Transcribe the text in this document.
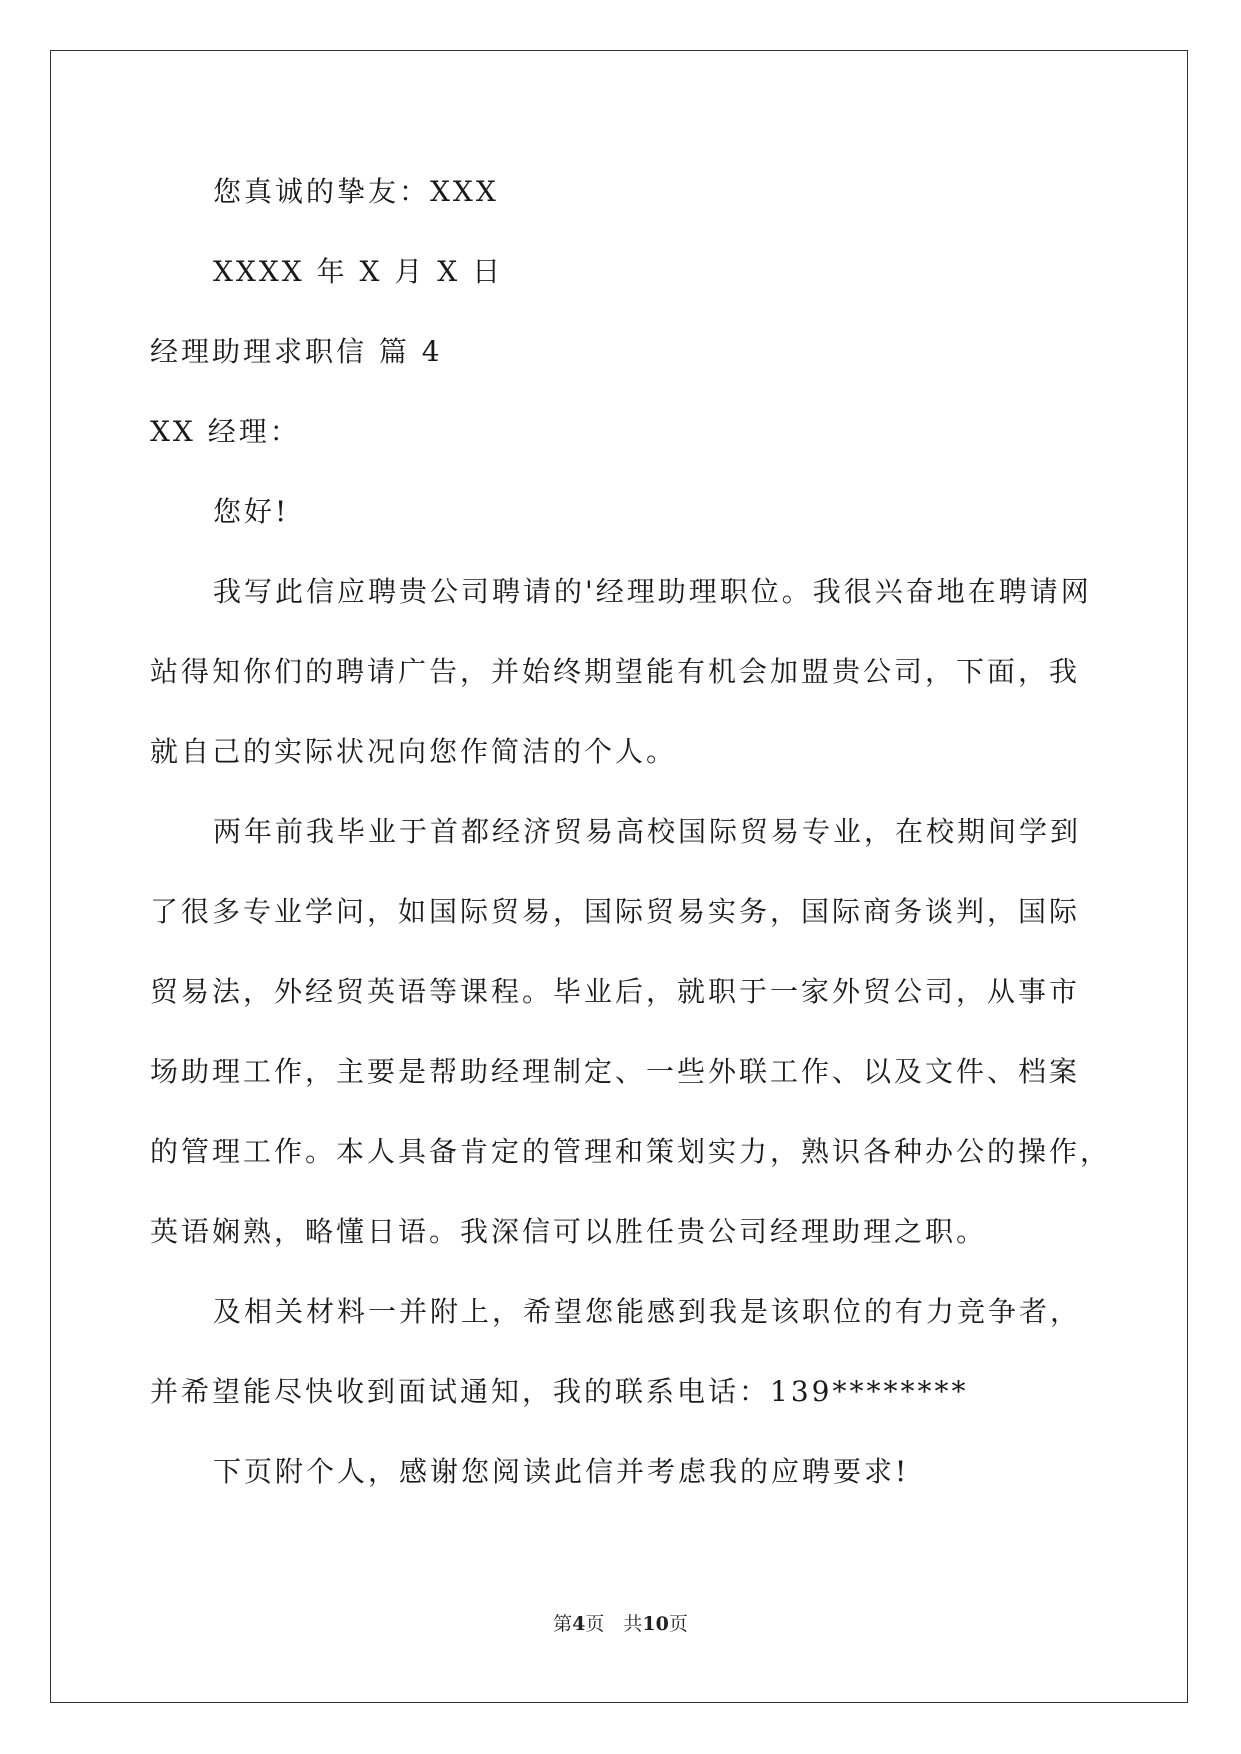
您真诚的挚友：XXX
XXXX 年 X 月 X 日
经理助理求职信 篇 4
XX 经理：
您好!
我写此信应聘贵公司聘请的'经理助理职位。我很兴奋地在聘请网
站得知你们的聘请广告，并始终期望能有机会加盟贵公司，下面，我
就自己的实际状况向您作简洁的个人。
两年前我毕业于首都经济贸易高校国际贸易专业，在校期间学到
了很多专业学问，如国际贸易，国际贸易实务，国际商务谈判，国际
贸易法，外经贸英语等课程。毕业后，就职于一家外贸公司，从事市
场助理工作，主要是帮助经理制定、一些外联工作、以及文件、档案
的管理工作。本人具备肯定的管理和策划实力，熟识各种办公的操作，
英语娴熟，略懂日语。我深信可以胜任贵公司经理助理之职。
及相关材料一并附上，希望您能感到我是该职位的有力竞争者，
并希望能尽快收到面试通知，我的联系电话：139********
下页附个人，感谢您阅读此信并考虑我的应聘要求!
第4页　共10页
